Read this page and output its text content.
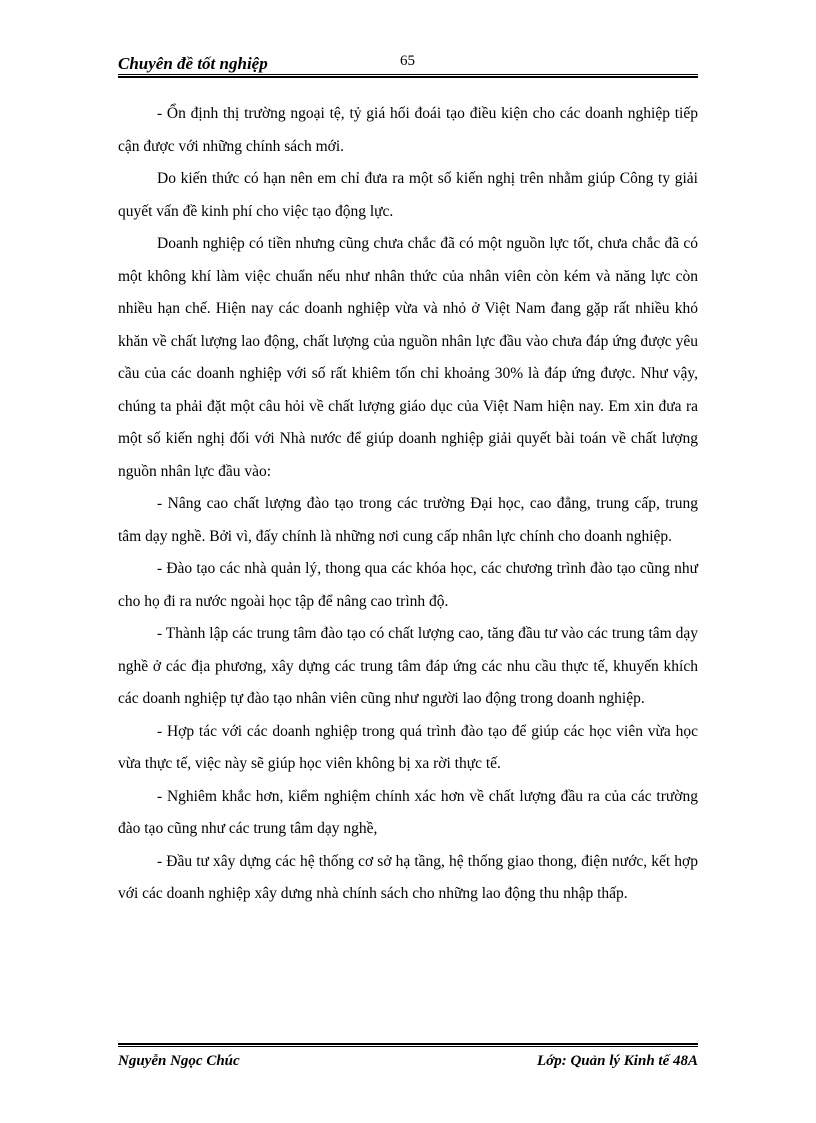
Chuyên đề tốt nghiệp	65

- Ổn định thị trường ngoại tệ, tỷ giá hối đoái tạo điều kiện cho các doanh nghiệp tiếp cận được với những chính sách mới.

Do kiến thức có hạn nên em chỉ đưa ra một số kiến nghị trên nhằm giúp Công ty giải quyết vấn đề kinh phí cho việc tạo động lực.

Doanh nghiệp có tiền nhưng cũng chưa chắc đã có một nguồn lực tốt, chưa chắc đã có một không khí làm việc chuẩn nếu như nhân thức của nhân viên còn kém và năng lực còn nhiều hạn chế. Hiện nay các doanh nghiệp vừa và nhỏ ở Việt Nam đang gặp rất nhiều khó khăn về chất lượng lao động, chất lượng của nguồn nhân lực đầu vào chưa đáp ứng được yêu cầu của các doanh nghiệp với số rất khiêm tốn chỉ khoảng 30% là đáp ứng được. Như vậy, chúng ta phải đặt một câu hỏi về chất lượng giáo dục của Việt Nam hiện nay. Em xin đưa ra một số kiến nghị đối với Nhà nước để giúp doanh nghiệp giải quyết bài toán về chất lượng nguồn nhân lực đầu vào:

- Nâng cao chất lượng đào tạo trong các trường Đại học, cao đẳng, trung cấp, trung tâm dạy nghề. Bởi vì, đấy chính là những nơi cung cấp nhân lực chính cho doanh nghiệp.

- Đào tạo các nhà quản lý, thong qua các khóa học, các chương trình đào tạo cũng như cho họ đi ra nước ngoài học tập để nâng cao trình độ.

- Thành lập các trung tâm đào tạo có chất lượng cao, tăng đầu tư vào các trung tâm dạy nghề ở các địa phương, xây dựng các trung tâm đáp ứng các nhu cầu thực tế, khuyến khích các doanh nghiệp tự đào tạo nhân viên cũng như người lao động trong doanh nghiệp.

- Hợp tác với các doanh nghiệp trong quá trình đào tạo để giúp các học viên vừa học vừa thực tế, việc này sẽ giúp học viên không bị xa rời thực tế.

- Nghiêm khắc hơn, kiểm nghiệm chính xác hơn về chất lượng đầu ra của các trường đào tạo cũng như các trung tâm dạy nghề,

- Đầu tư xây dựng các hệ thống cơ sở hạ tầng, hệ thống giao thong, điện nước, kết hợp với các doanh nghiệp xây dưng nhà chính sách cho những lao động thu nhập thấp.

Nguyễn Ngọc Chúc	Lớp: Quản lý Kinh tế 48A
